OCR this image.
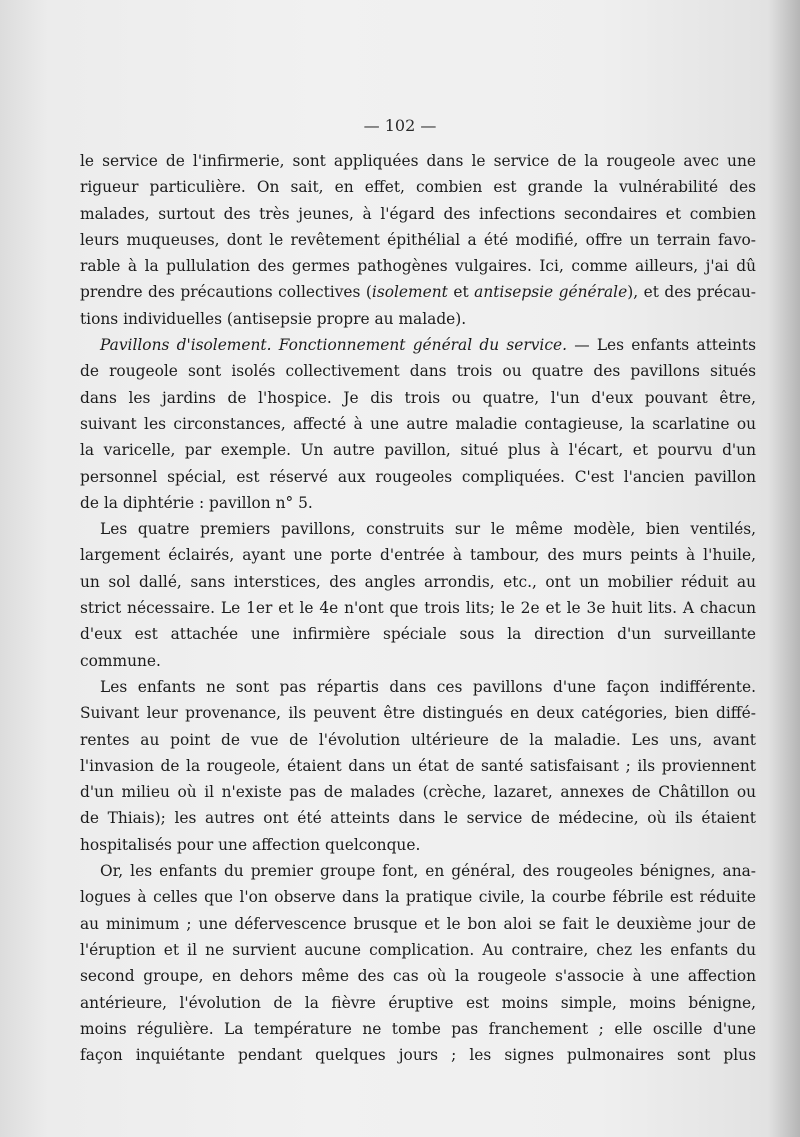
— 102 —
le service de l'infirmerie, sont appliquées dans le service de la rougeole avec une
rigueur particulière. On sait, en effet, combien est grande la vulnérabilité des
malades, surtout des très jeunes, à l'égard des infections secondaires et combien
leurs muqueuses, dont le revêtement épithélial a été modifié, offre un terrain favo-
rable à la pullulation des germes pathogènes vulgaires. Ici, comme ailleurs, j'ai dû
prendre des précautions collectives (isolement et antisepsie générale), et des précau-
tions individuelles (antisepsie propre au malade).
Pavillons d'isolement. Fonctionnement général du service. — Les enfants atteints
de rougeole sont isolés collectivement dans trois ou quatre des pavillons situés
dans les jardins de l'hospice. Je dis trois ou quatre, l'un d'eux pouvant être,
suivant les circonstances, affecté à une autre maladie contagieuse, la scarlatine ou
la varicelle, par exemple. Un autre pavillon, situé plus à l'écart, et pourvu d'un
personnel spécial, est réservé aux rougeoles compliquées. C'est l'ancien pavillon
de la diphtérie : pavillon n° 5.
Les quatre premiers pavillons, construits sur le même modèle, bien ventilés,
largement éclairés, ayant une porte d'entrée à tambour, des murs peints à l'huile,
un sol dallé, sans interstices, des angles arrondis, etc., ont un mobilier réduit au
strict nécessaire. Le 1er et le 4e n'ont que trois lits; le 2e et le 3e huit lits. A chacun
d'eux est attachée une infirmière spéciale sous la direction d'un surveillante
commune.
Les enfants ne sont pas répartis dans ces pavillons d'une façon indifférente.
Suivant leur provenance, ils peuvent être distingués en deux catégories, bien diffé-
rentes au point de vue de l'évolution ultérieure de la maladie. Les uns, avant
l'invasion de la rougeole, étaient dans un état de santé satisfaisant ; ils proviennent
d'un milieu où il n'existe pas de malades (crèche, lazaret, annexes de Châtillon ou
de Thiais); les autres ont été atteints dans le service de médecine, où ils étaient
hospitalisés pour une affection quelconque.
Or, les enfants du premier groupe font, en général, des rougeoles bénignes, ana-
logues à celles que l'on observe dans la pratique civile, la courbe fébrile est réduite
au minimum ; une défervescence brusque et le bon aloi se fait le deuxième jour de
l'éruption et il ne survient aucune complication. Au contraire, chez les enfants du
second groupe, en dehors même des cas où la rougeole s'associe à une affection
antérieure, l'évolution de la fièvre éruptive est moins simple, moins bénigne,
moins régulière. La température ne tombe pas franchement ; elle oscille d'une
façon inquiétante pendant quelques jours ; les signes pulmonaires sont plus
